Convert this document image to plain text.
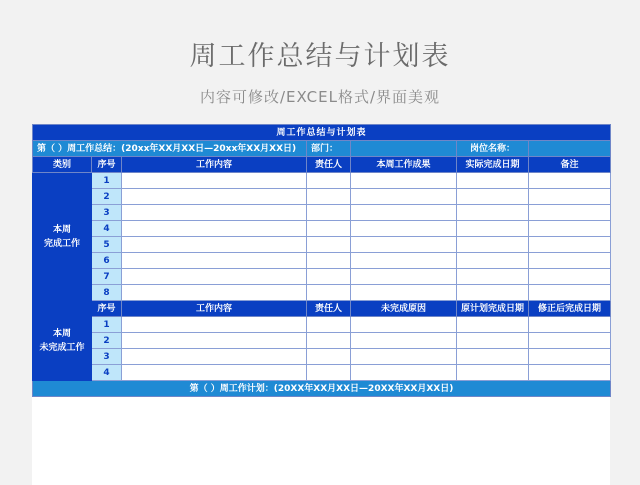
周工作总结与计划表
内容可修改/EXCEL格式/界面美观
周工作总结与计划表						
第（ ）周工作总结：(20xx年XX月XX日—20xx年XX月XX日)			部门：		岗位名称：	
类别	序号	工作内容	责任人	本周工作成果	实际完成日期	备注

本周
完成工作	1					
	2					
	3					
	4					
	5					
	6					
	7					
	8					

本周
未完成工作	序号	工作内容	责任人	未完成原因	原计划完成日期	修正后完成日期
	1					
	2					
	3					
	4					
第（ ）周工作计划：(20XX年XX月XX日—20XX年XX月XX日)						
